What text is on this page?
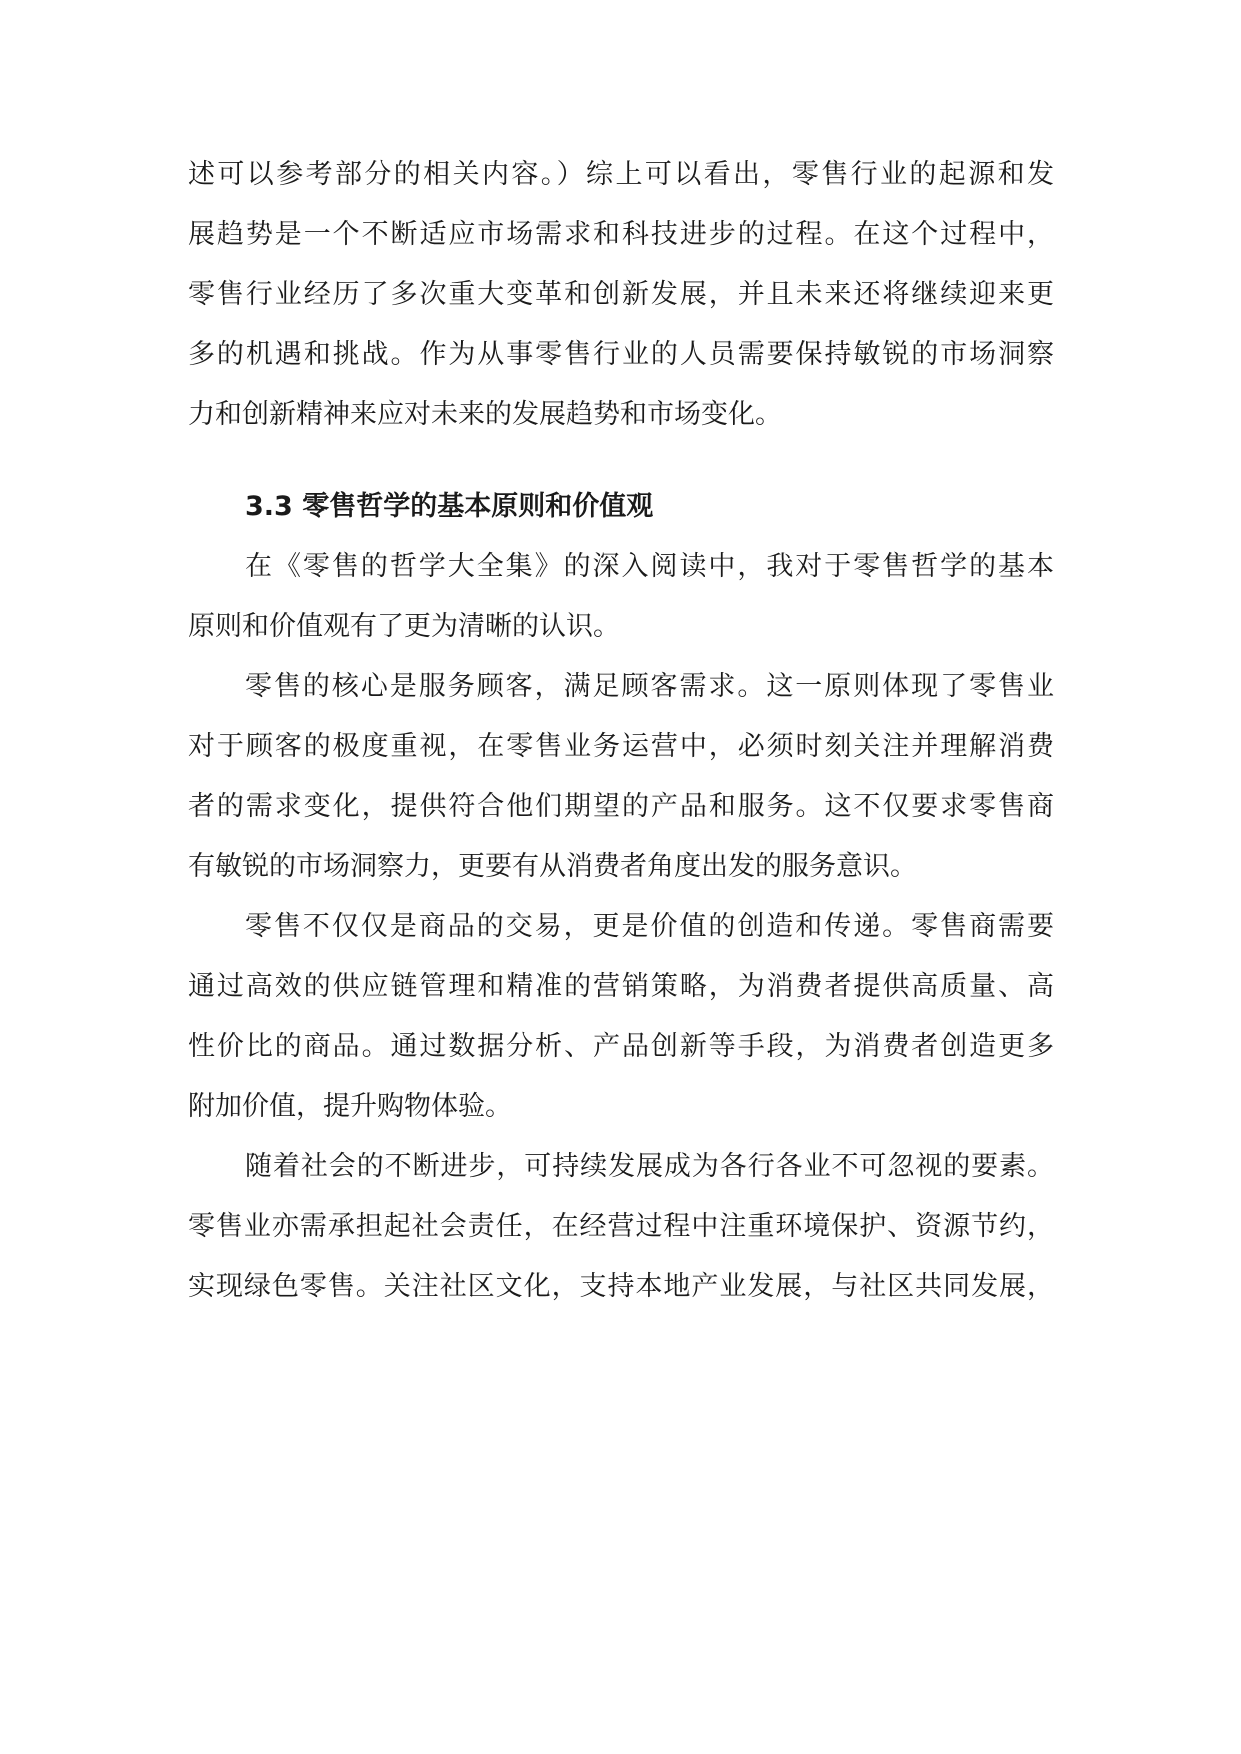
述可以参考部分的相关内容。）综上可以看出，零售行业的起源和发
展趋势是一个不断适应市场需求和科技进步的过程。在这个过程中，
零售行业经历了多次重大变革和创新发展，并且未来还将继续迎来更
多的机遇和挑战。作为从事零售行业的人员需要保持敏锐的市场洞察
力和创新精神来应对未来的发展趋势和市场变化。
3.3 零售哲学的基本原则和价值观
在《零售的哲学大全集》的深入阅读中，我对于零售哲学的基本
原则和价值观有了更为清晰的认识。
零售的核心是服务顾客，满足顾客需求。这一原则体现了零售业
对于顾客的极度重视，在零售业务运营中，必须时刻关注并理解消费
者的需求变化，提供符合他们期望的产品和服务。这不仅要求零售商
有敏锐的市场洞察力，更要有从消费者角度出发的服务意识。
零售不仅仅是商品的交易，更是价值的创造和传递。零售商需要
通过高效的供应链管理和精准的营销策略，为消费者提供高质量、高
性价比的商品。通过数据分析、产品创新等手段，为消费者创造更多
附加价值，提升购物体验。
随着社会的不断进步，可持续发展成为各行各业不可忽视的要素。
零售业亦需承担起社会责任，在经营过程中注重环境保护、资源节约，
实现绿色零售。关注社区文化，支持本地产业发展，与社区共同发展，
